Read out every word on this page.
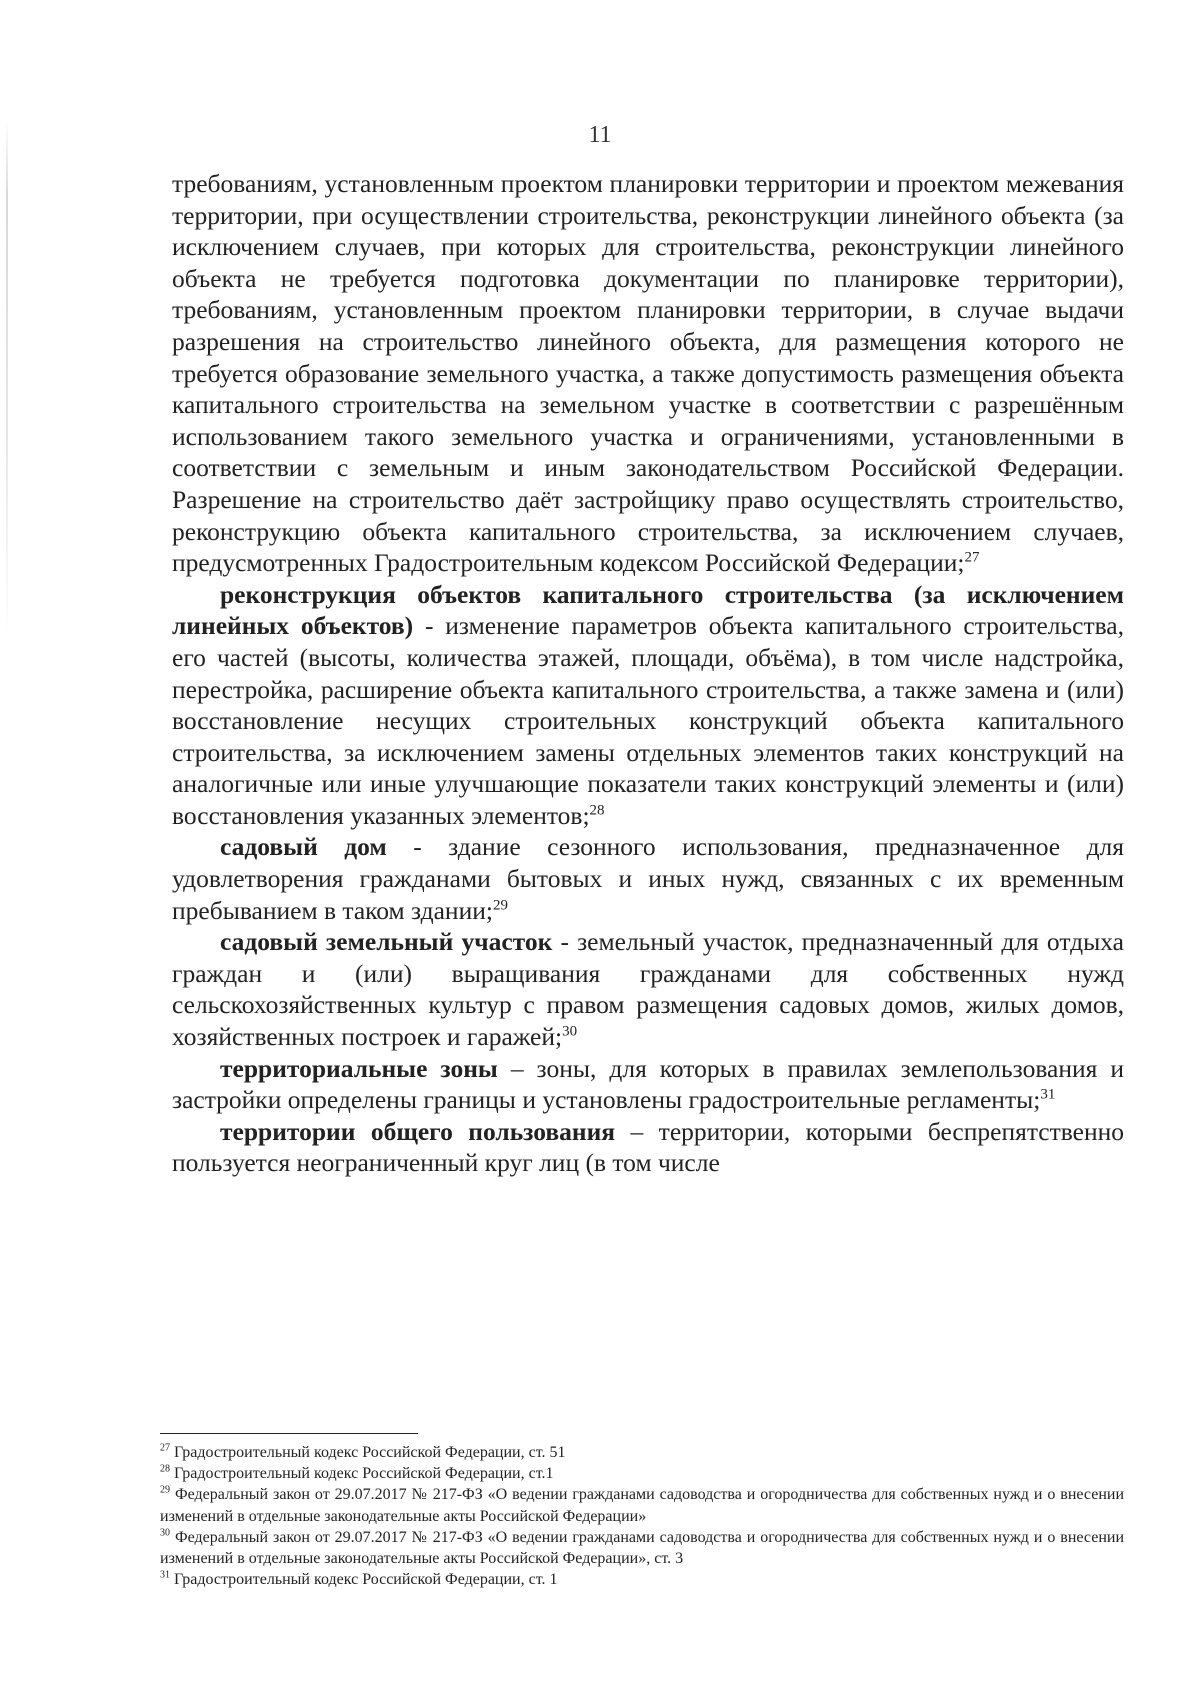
11

требованиям, установленным проектом планировки территории и проектом межевания территории, при осуществлении строительства, реконструкции линейного объекта (за исключением случаев, при которых для строительства, реконструкции линейного объекта не требуется подготовка документации по планировке территории), требованиям, установленным проектом планировки территории, в случае выдачи разрешения на строительство линейного объекта, для размещения которого не требуется образование земельного участка, а также допустимость размещения объекта капитального строительства на земельном участке в соответствии с разрешённым использованием такого земельного участка и ограничениями, установленными в соответствии с земельным и иным законодательством Российской Федерации. Разрешение на строительство даёт застройщику право осуществлять строительство, реконструкцию объекта капитального строительства, за исключением случаев, предусмотренных Градостроительным кодексом Российской Федерации;$^{27}$

реконструкция объектов капитального строительства (за исключением линейных объектов) - изменение параметров объекта капитального строительства, его частей (высоты, количества этажей, площади, объёма), в том числе надстройка, перестройка, расширение объекта капитального строительства, а также замена и (или) восстановление несущих строительных конструкций объекта капитального строительства, за исключением замены отдельных элементов таких конструкций на аналогичные или иные улучшающие показатели таких конструкций элементы и (или) восстановления указанных элементов;$^{28}$

садовый дом - здание сезонного использования, предназначенное для удовлетворения гражданами бытовых и иных нужд, связанных с их временным пребыванием в таком здании;$^{29}$

садовый земельный участок - земельный участок, предназначенный для отдыха граждан и (или) выращивания гражданами для собственных нужд сельскохозяйственных культур с правом размещения садовых домов, жилых домов, хозяйственных построек и гаражей;$^{30}$

территориальные зоны – зоны, для которых в правилах землепользования и застройки определены границы и установлены градостроительные регламенты;$^{31}$

территории общего пользования – территории, которыми беспрепятственно пользуется неограниченный круг лиц (в том числе

$^{27}$ Градостроительный кодекс Российской Федерации, ст. 51

$^{28}$ Градостроительный кодекс Российской Федерации, ст.1

$^{29}$ Федеральный закон от 29.07.2017 № 217-ФЗ «О ведении гражданами садоводства и огородничества для собственных нужд и о внесении изменений в отдельные законодательные акты Российской Федерации»

$^{30}$ Федеральный закон от 29.07.2017 № 217-ФЗ «О ведении гражданами садоводства и огородничества для собственных нужд и о внесении изменений в отдельные законодательные акты Российской Федерации», ст. 3

$^{31}$ Градостроительный кодекс Российской Федерации, ст. 1
